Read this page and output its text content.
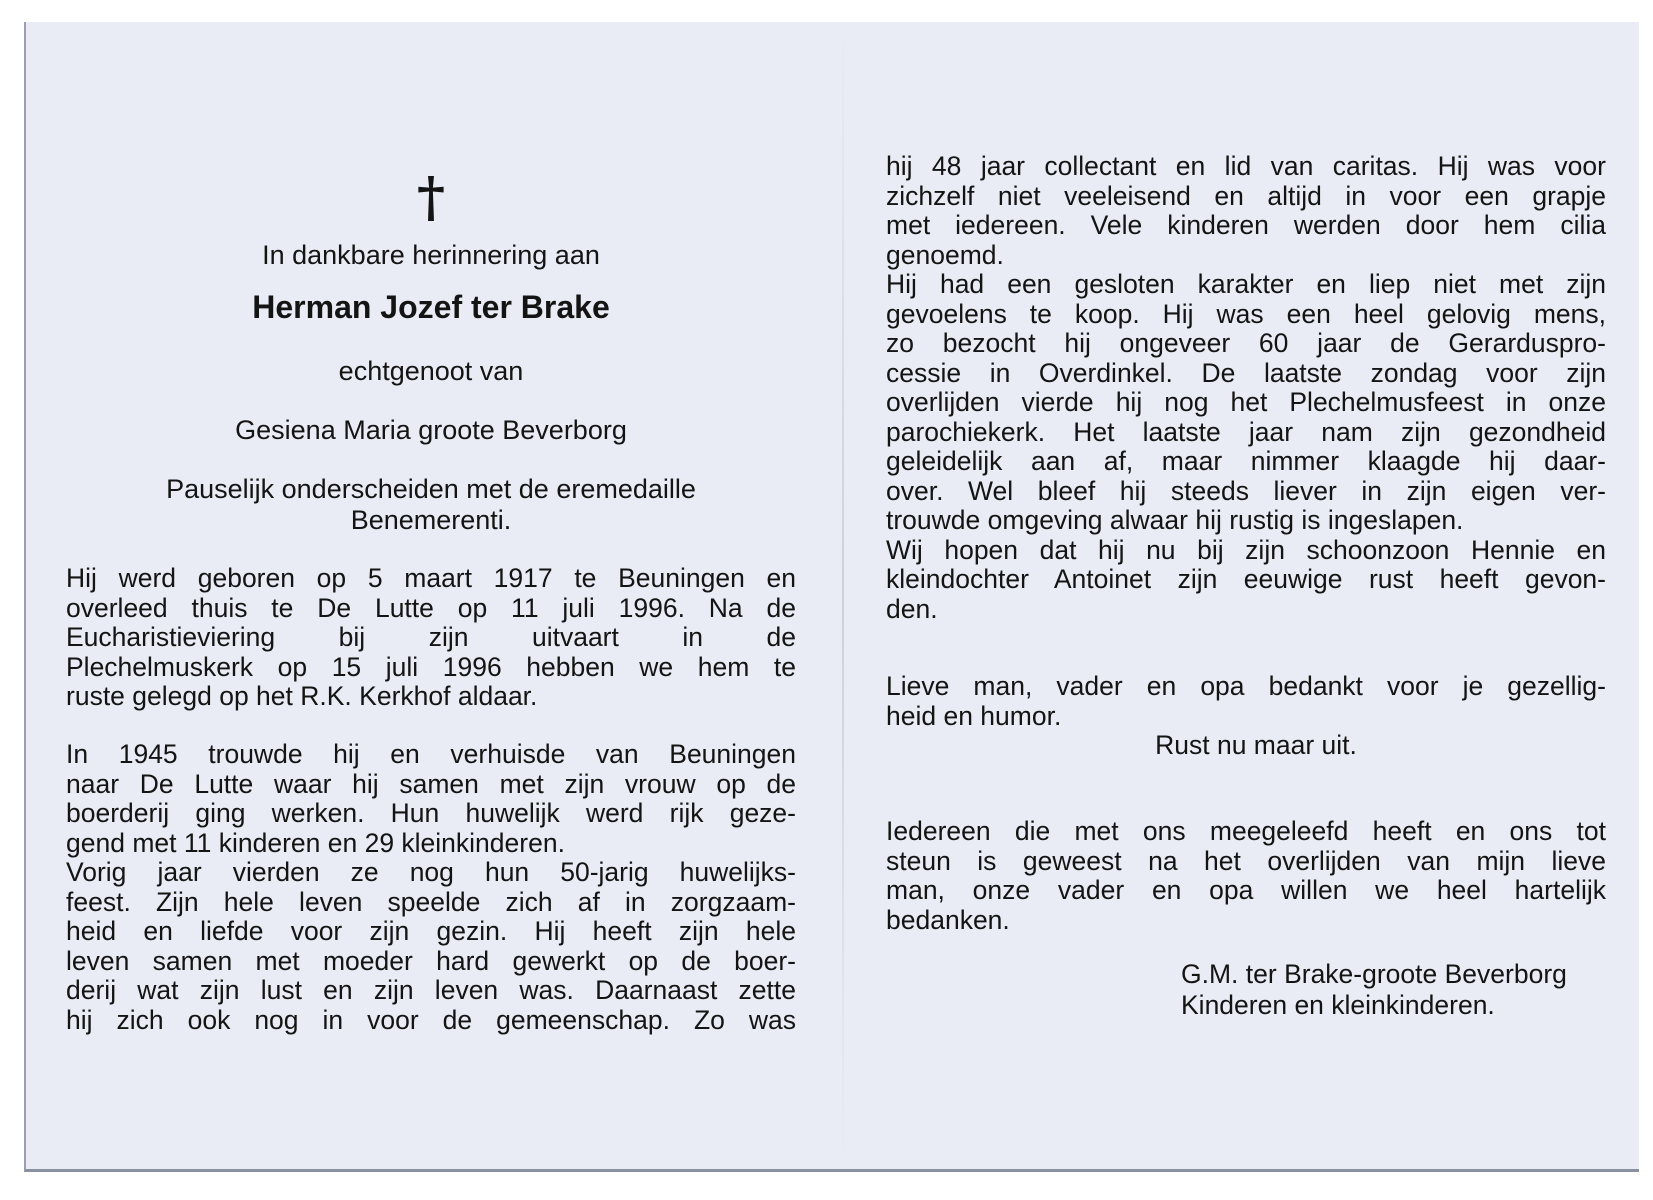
†
In dankbare herinnering aan
Herman Jozef ter Brake
echtgenoot van
Gesiena Maria groote Beverborg
Pauselijk onderscheiden met de eremedaille
Benemerenti.

Hij werd geboren op 5 maart 1917 te Beuningen en

overleed thuis te De Lutte op 11 juli 1996. Na de

Eucharistieviering bij zijn uitvaart in de

Plechelmuskerk op 15 juli 1996 hebben we hem te

ruste gelegd op het R.K. Kerkhof aldaar.

In 1945 trouwde hij en verhuisde van Beuningen

naar De Lutte waar hij samen met zijn vrouw op de

boerderij ging werken. Hun huwelijk werd rijk geze-

gend met 11 kinderen en 29 kleinkinderen.

Vorig jaar vierden ze nog hun 50-jarig huwelijks-

feest. Zijn hele leven speelde zich af in zorgzaam-

heid en liefde voor zijn gezin. Hij heeft zijn hele

leven samen met moeder hard gewerkt op de boer-

derij wat zijn lust en zijn leven was. Daarnaast zette

hij zich ook nog in voor de gemeenschap. Zo was

hij 48 jaar collectant en lid van caritas. Hij was voor

zichzelf niet veeleisend en altijd in voor een grapje

met iedereen. Vele kinderen werden door hem cilia

genoemd.

Hij had een gesloten karakter en liep niet met zijn

gevoelens te koop. Hij was een heel gelovig mens,

zo bezocht hij ongeveer 60 jaar de Gerarduspro-

cessie in Overdinkel. De laatste zondag voor zijn

overlijden vierde hij nog het Plechelmusfeest in onze

parochiekerk. Het laatste jaar nam zijn gezondheid

geleidelijk aan af, maar nimmer klaagde hij daar-

over. Wel bleef hij steeds liever in zijn eigen ver-

trouwde omgeving alwaar hij rustig is ingeslapen.

Wij hopen dat hij nu bij zijn schoonzoon Hennie en

kleindochter Antoinet zijn eeuwige rust heeft gevon-

den.

Lieve man, vader en opa bedankt voor je gezellig-

heid en humor.

Rust nu maar uit.

Iedereen die met ons meegeleefd heeft en ons tot

steun is geweest na het overlijden van mijn lieve

man, onze vader en opa willen we heel hartelijk

bedanken.

G.M. ter Brake-groote Beverborg
Kinderen en kleinkinderen.
